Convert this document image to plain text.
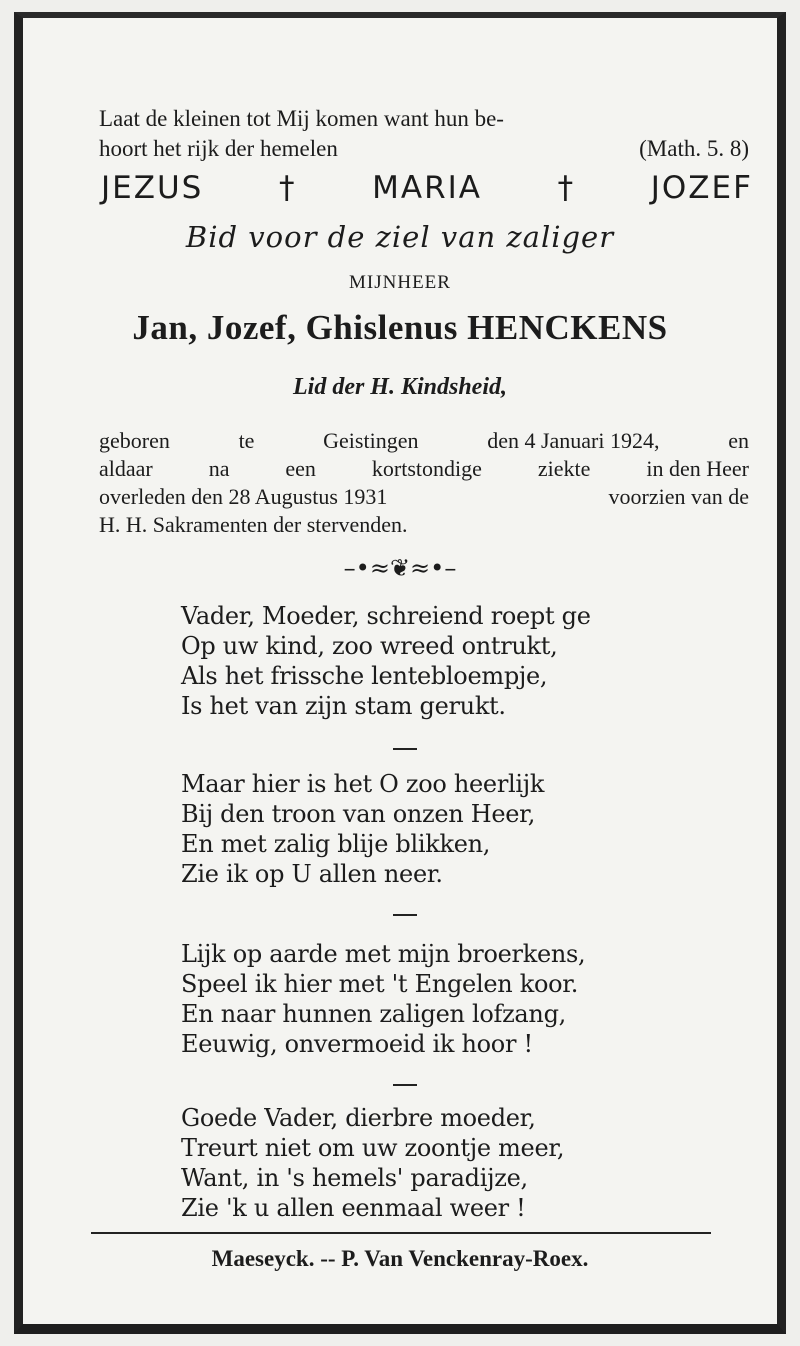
Laat de kleinen tot Mij komen want hun be-
hoort het rijk der hemelen	(Math. 5. 8)
JEZUS † MARIA † JOZEF
Bid voor de ziel van zaliger
MIJNHEER
Jan, Jozef, Ghislenus HENCKENS
Lid der H. Kindsheid,
geboren	te	Geistingen	den 4 Januari 1924,	en
aldaar	na	een	kortstondige	ziekte	in den Heer
overleden den 28 Augustus 1931	voorzien van de
H. H. Sakramenten der stervenden.
–•≈❦≈•–
Vader, Moeder, schreiend roept ge
Op uw kind, zoo wreed ontrukt,
Als het frissche lentebloempje,
Is het van zijn stam gerukt.
Maar hier is het O zoo heerlijk
Bij den troon van onzen Heer,
En met zalig blije blikken,
Zie ik op U allen neer.
Lijk op aarde met mijn broerkens,
Speel ik hier met 't Engelen koor.
En naar hunnen zaligen lofzang,
Eeuwig, onvermoeid ik hoor !
Goede Vader, dierbre moeder,
Treurt niet om uw zoontje meer,
Want, in 's hemels' paradijze,
Zie 'k u allen eenmaal weer !
Maeseyck. -- P. Van Venckenray-Roex.
